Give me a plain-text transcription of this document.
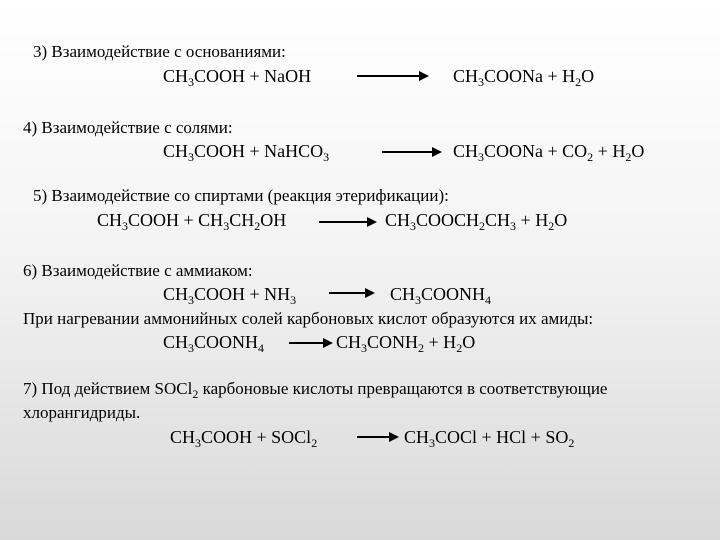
3) Взаимодействие с основаниями:
$CH_3COOH$ + NaOH	$CH_3COONa + H_2O$
4) Взаимодействие с солями:
$CH_3COOH$ + NaHCO$_3$	$CH_3COONa + CO_2 + H_2O$
5) Взаимодействие со спиртами (реакция этерификации):
$CH_3COOH + CH_3CH_2OH$	$CH_3COOCH_2CH_3 + H_2O$
6) Взаимодействие с аммиаком:
$CH_3COOH + NH_3$	$CH_3COONH_4$
При нагревании аммонийных солей карбоновых кислот образуются их амиды:
$CH_3COONH_4$	$CH_3CONH_2 + H_2O$
7) Под действием SOCl$_2$ карбоновые кислоты превращаются в соответствующие
хлорангидриды.
$CH_3COOH$ + SOCl$_2$	$CH_3COCl$ + HCl + $SO_2$
